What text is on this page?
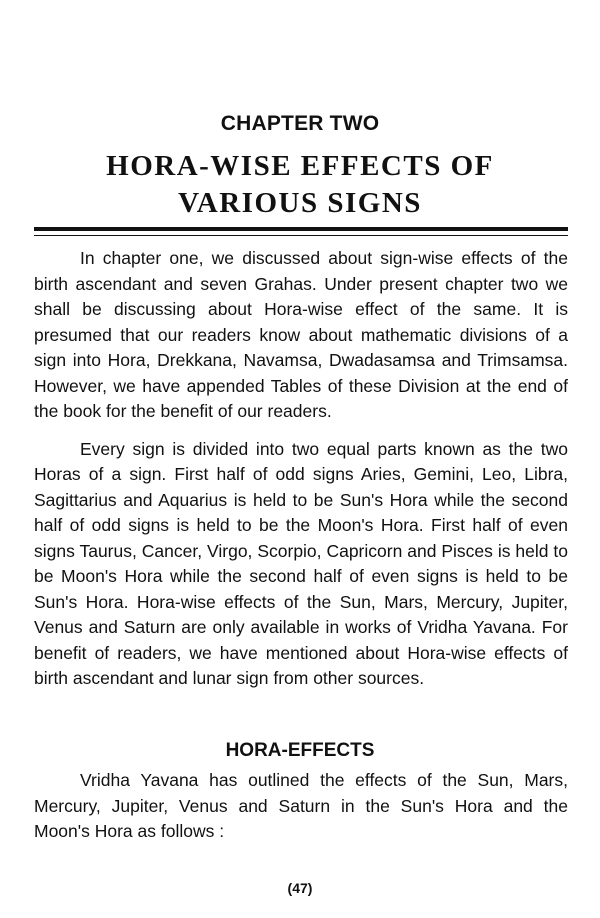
CHAPTER TWO
HORA-WISE EFFECTS OF
VARIOUS SIGNS

In chapter one, we discussed about sign-wise effects of the birth ascendant and seven Grahas. Under present chapter two we shall be discussing about Hora-wise effect of the same. It is presumed that our readers know about mathematic divisions of a sign into Hora, Drekkana, Navamsa, Dwadasamsa and Trimsamsa. However, we have appended Tables of these Division at the end of the book for the benefit of our readers.

Every sign is divided into two equal parts known as the two Horas of a sign. First half of odd signs Aries, Gemini, Leo, Libra, Sagittarius and Aquarius is held to be Sun's Hora while the second half of odd signs is held to be the Moon's Hora. First half of even signs Taurus, Cancer, Virgo, Scorpio, Capricorn and Pisces is held to be Moon's Hora while the second half of even signs is held to be Sun's Hora. Hora-wise effects of the Sun, Mars, Mercury, Jupiter, Venus and Saturn are only available in works of Vridha Yavana. For benefit of readers, we have mentioned about Hora-wise effects of birth ascendant and lunar sign from other sources.

HORA-EFFECTS

Vridha Yavana has outlined the effects of the Sun, Mars, Mercury, Jupiter, Venus and Saturn in the Sun's Hora and the Moon's Hora as follows :

(47)
